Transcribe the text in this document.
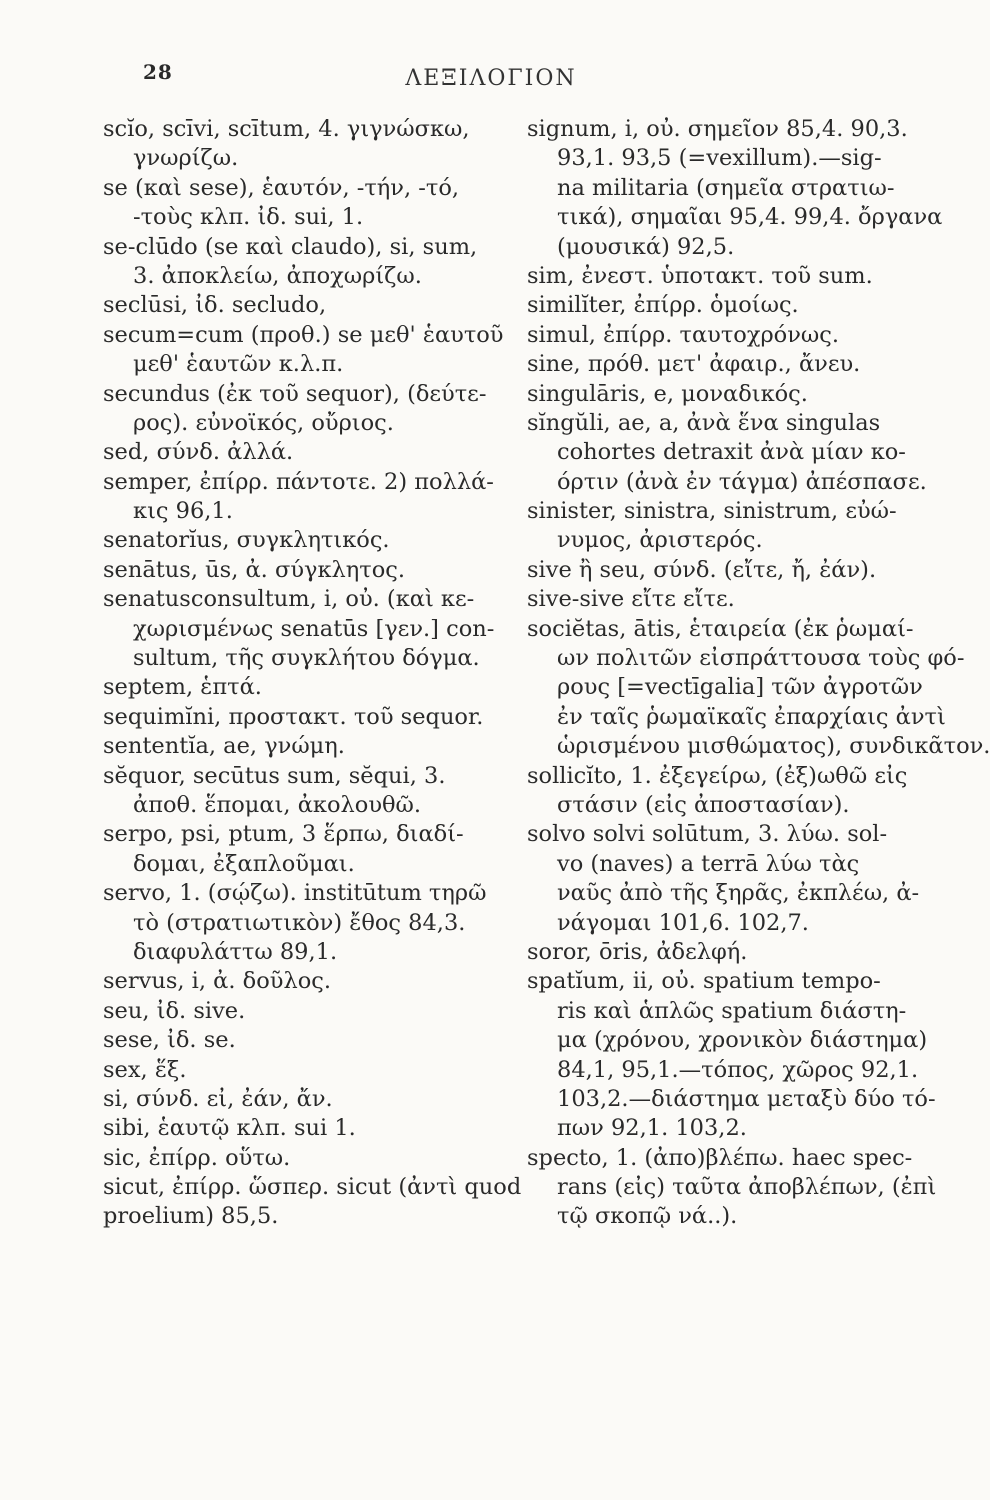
28	ΛΕΞΙΛΟΓΙΟΝ
scĭo, scīvi, scītum, 4. γιγνώσκω,
γνωρίζω.
se (καὶ sese), ἑαυτόν, -τήν, -τό,
-τοὺς κλπ. ἰδ. sui, 1.
se-clūdo (se καὶ claudo), si, sum,
3. ἀποκλείω, ἀποχωρίζω.
seclūsi, ἰδ. secludo,
secum=cum (προθ.) se μεθ' ἑαυτοῦ
μεθ' ἑαυτῶν κ.λ.π.
secundus (ἐκ τοῦ sequor), (δεύτε-
ρος). εὐνοϊκός, οὔριος.
sed, σύνδ. ἀλλά.
semper, ἐπίρρ. πάντοτε. 2) πολλά-
κις 96,1.
senatorĭus, συγκλητικός.
senātus, ūs, ἀ. σύγκλητος.
senatusconsultum, i, οὐ. (καὶ κε-
χωρισμένως senatūs [γεν.] con-
sultum, τῆς συγκλήτου δόγμα.
septem, ἑπτά.
sequimĭni, προστακτ. τοῦ sequor.
sententĭa, ae, γνώμη.
sĕquor, secūtus sum, sĕqui, 3.
ἀποθ. ἕπομαι, ἀκολουθῶ.
serpo, psi, ptum, 3 ἕρπω, διαδί-
δομαι, ἐξαπλοῦμαι.
servo, 1. (σῴζω). institūtum τηρῶ
τὸ (στρατιωτικὸν) ἔθος 84,3.
διαφυλάττω 89,1.
servus, i, ἀ. δοῦλος.
seu, ἰδ. sive.
sese, ἰδ. se.
sex, ἕξ.
si, σύνδ. εἰ, ἐάν, ἄν.
sibi, ἑαυτῷ κλπ. sui 1.
sic, ἐπίρρ. οὕτω.
sicut, ἐπίρρ. ὥσπερ. sicut (ἀντὶ quod
proelium) 85,5.
signum, i, οὐ. σημεῖον 85,4. 90,3.
93,1. 93,5 (=vexillum).—sig-
na militaria (σημεῖα στρατιω-
τικά), σημαῖαι 95,4. 99,4. ὄργανα
(μουσικά) 92,5.
sim, ἐνεστ. ὑποτακτ. τοῦ sum.
similĭter, ἐπίρρ. ὁμοίως.
simul, ἐπίρρ. ταυτοχρόνως.
sine, πρόθ. μετ' ἀφαιρ., ἄνευ.
singulāris, e, μοναδικός.
sĭngŭli, ae, a, ἀνὰ ἕνα singulas
cohortes detraxit ἀνὰ μίαν κο-
όρτιν (ἀνὰ ἐν τάγμα) ἀπέσπασε.
sinister, sinistra, sinistrum, εὐώ-
νυμος, ἀριστερός.
sive ἢ seu, σύνδ. (εἴτε, ἤ, ἐάν).
sive-sive εἴτε εἴτε.
sociĕtas, ātis, ἑταιρεία (ἐκ ῥωμαί-
ων πολιτῶν εἰσπράττουσα τοὺς φό-
ρους [=vectīgalia] τῶν ἀγροτῶν
ἐν ταῖς ῥωμαϊκαῖς ἐπαρχίαις ἀντὶ
ὡρισμένου μισθώματος), συνδικᾶτον.
sollicĭto, 1. ἐξεγείρω, (ἐξ)ωθῶ εἰς
στάσιν (εἰς ἀποστασίαν).
solvo solvi solūtum, 3. λύω. sol-
vo (naves) a terrā λύω τὰς
ναῦς ἀπὸ τῆς ξηρᾶς, ἐκπλέω, ἀ-
νάγομαι 101,6. 102,7.
soror, ōris, ἀδελφή.
spatĭum, ii, οὐ. spatium tempo-
ris καὶ ἁπλῶς spatium διάστη-
μα (χρόνου, χρονικὸν διάστημα)
84,1, 95,1.—τόπος, χῶρος 92,1.
103,2.—διάστημα μεταξὺ δύο τό-
πων 92,1. 103,2.
specto, 1. (ἀπο)βλέπω. haec spec-
rans (εἰς) ταῦτα ἀποβλέπων, (ἐπὶ
τῷ σκοπῷ νά..).
